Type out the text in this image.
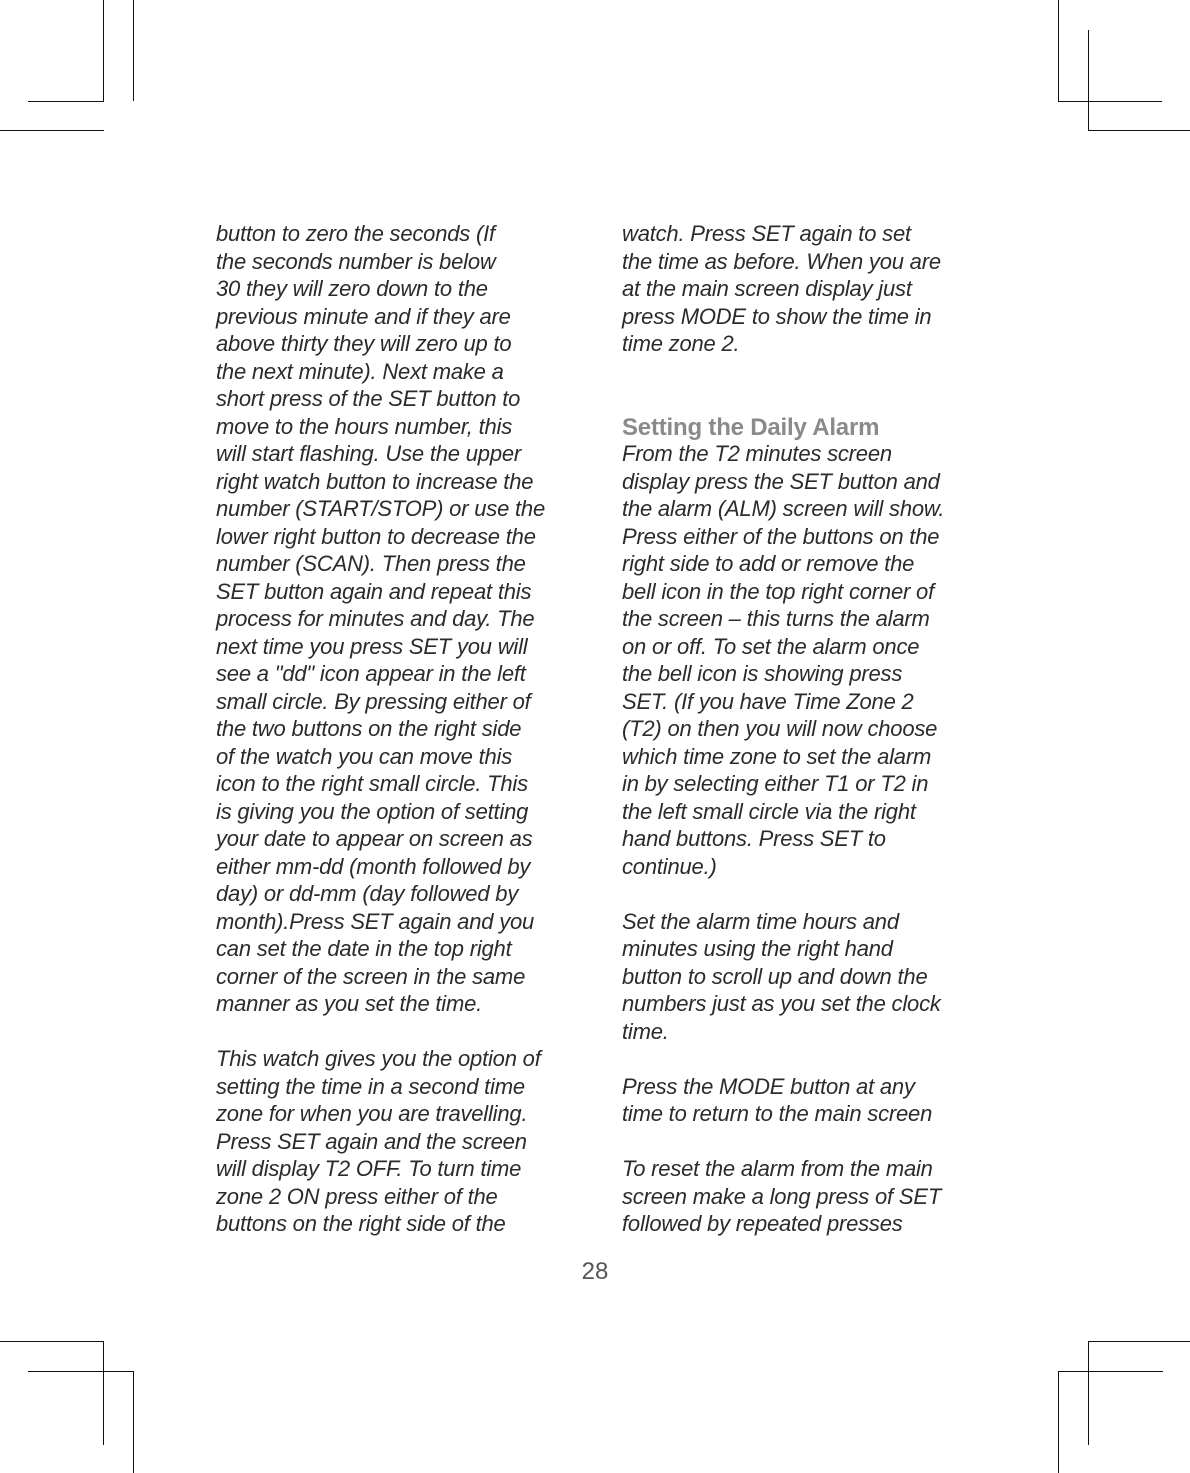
button to zero the seconds (If
the seconds number is below
30 they will zero down to the
previous minute and if they are
above thirty they will zero up to
the next minute). Next make a
short press of the SET button to
move to the hours number, this
will start flashing. Use the upper
right watch button to increase the
number (START/STOP) or use the
lower right button to decrease the
number (SCAN). Then press the
SET button again and repeat this
process for minutes and day. The
next time you press SET you will
see a "dd" icon appear in the left
small circle. By pressing either of
the two buttons on the right side
of the watch you can move this
icon to the right small circle. This
is giving you the option of setting
your date to appear on screen as
either mm-dd (month followed by
day) or dd-mm (day followed by
month).Press SET again and you
can set the date in the top right
corner of the screen in the same
manner as you set the time.
This watch gives you the option of
setting the time in a second time
zone for when you are travelling.
Press SET again and the screen
will display T2 OFF. To turn time
zone 2 ON press either of the
buttons on the right side of the
watch. Press SET again to set
the time as before. When you are
at the main screen display just
press MODE to show the time in
time zone 2.
Setting the Daily Alarm
From the T2 minutes screen
display press the SET button and
the alarm (ALM) screen will show.
Press either of the buttons on the
right side to add or remove the
bell icon in the top right corner of
the screen – this turns the alarm
on or off. To set the alarm once
the bell icon is showing press
SET. (If you have Time Zone 2
(T2) on then you will now choose
which time zone to set the alarm
in by selecting either T1 or T2 in
the left small circle via the right
hand buttons. Press SET to
continue.)
Set the alarm time hours and
minutes using the right hand
button to scroll up and down the
numbers just as you set the clock
time.
Press the MODE button at any
time to return to the main screen
To reset the alarm from the main
screen make a long press of SET
followed by repeated presses
28
